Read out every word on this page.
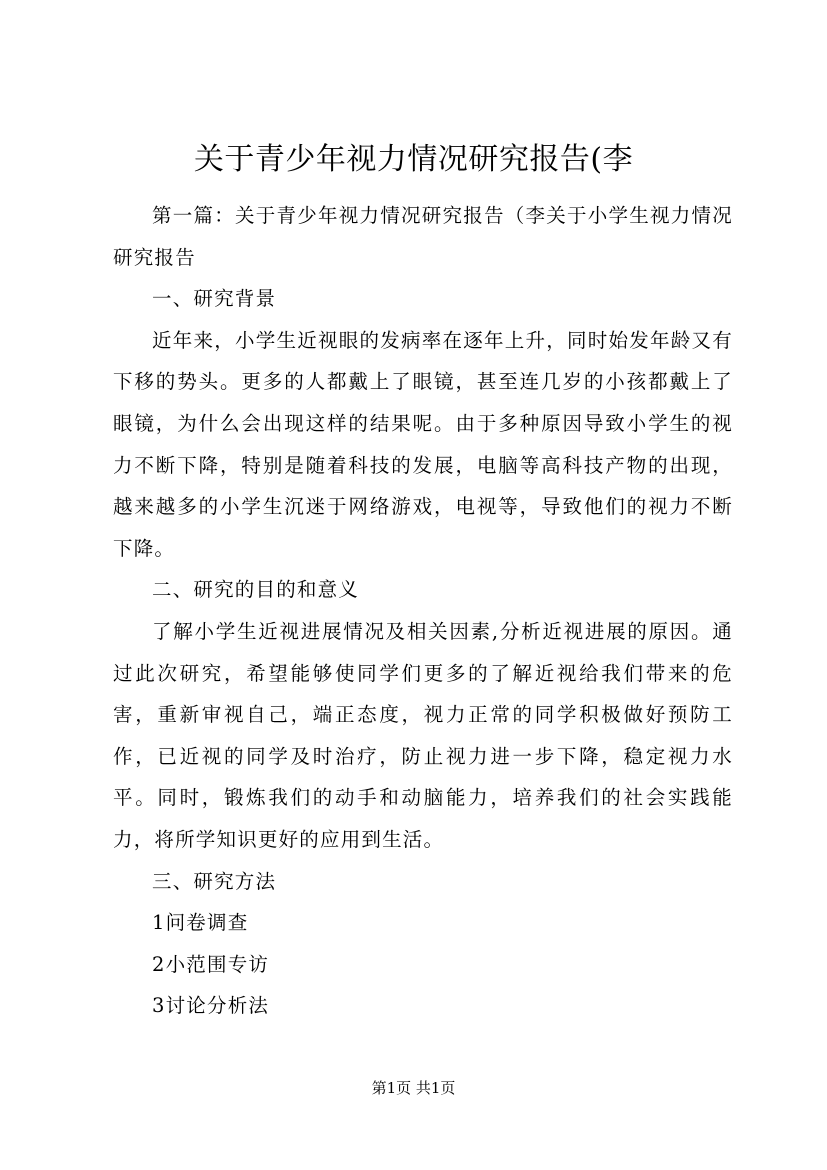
关于青少年视力情况研究报告(李

第一篇：关于青少年视力情况研究报告（李关于小学生视力情况研究报告

一、研究背景

近年来，小学生近视眼的发病率在逐年上升，同时始发年龄又有下移的势头。更多的人都戴上了眼镜，甚至连几岁的小孩都戴上了眼镜，为什么会出现这样的结果呢。由于多种原因导致小学生的视力不断下降，特别是随着科技的发展，电脑等高科技产物的出现，越来越多的小学生沉迷于网络游戏，电视等，导致他们的视力不断下降。

二、研究的目的和意义

了解小学生近视进展情况及相关因素,分析近视进展的原因。通过此次研究，希望能够使同学们更多的了解近视给我们带来的危害，重新审视自己，端正态度，视力正常的同学积极做好预防工作，已近视的同学及时治疗，防止视力进一步下降，稳定视力水平。同时，锻炼我们的动手和动脑能力，培养我们的社会实践能力，将所学知识更好的应用到生活。

三、研究方法

1问卷调查

2小范围专访

3讨论分析法

第1页 共1页
